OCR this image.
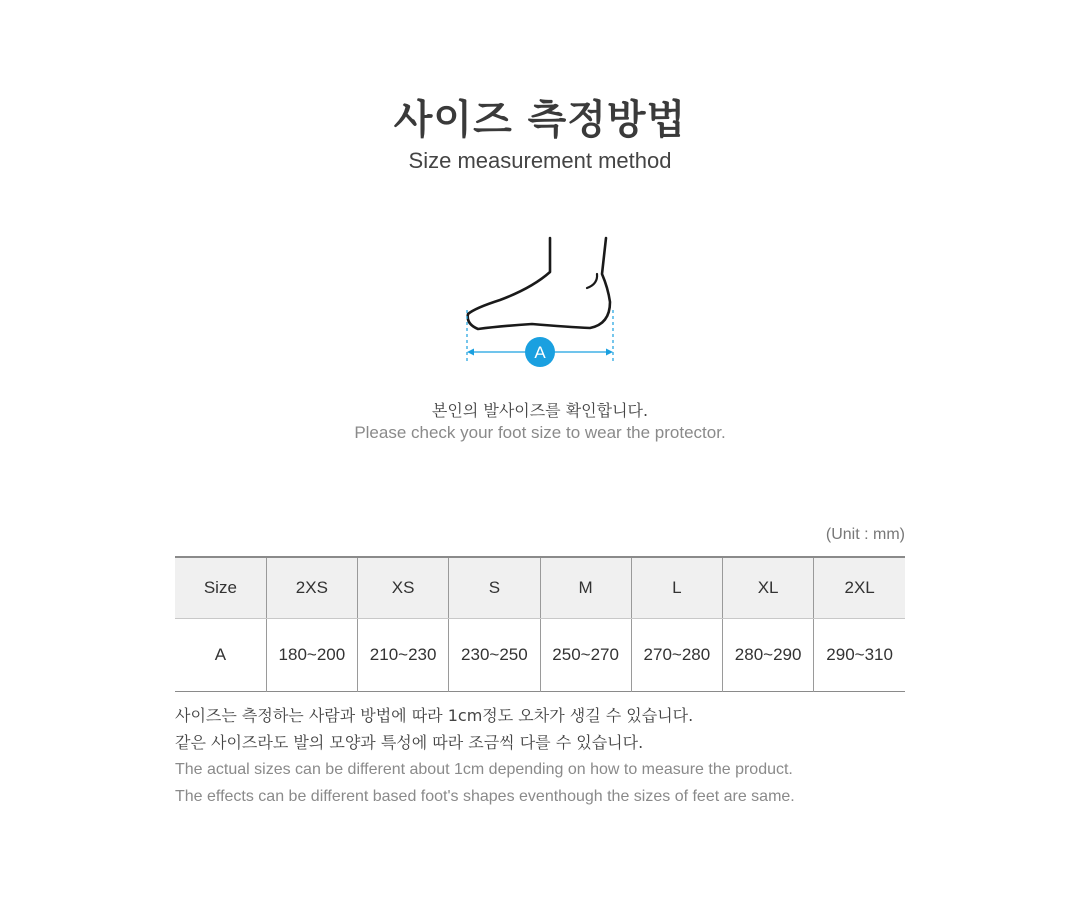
사이즈 측정방법
Size measurement method
A
본인의 발사이즈를 확인합니다.
Please check your foot size to wear the protector.
(Unit : mm)
Size	2XS	XS	S	M	L	XL	2XL
A	180~200	210~230	230~250	250~270	270~280	280~290	290~310
사이즈는 측정하는 사람과 방법에 따라 1cm정도 오차가 생길 수 있습니다.
같은 사이즈라도 발의 모양과 특성에 따라 조금씩 다를 수 있습니다.
The actual sizes can be different about 1cm depending on how to measure the product.
The effects can be different based foot's shapes eventhough the sizes of feet are same.
